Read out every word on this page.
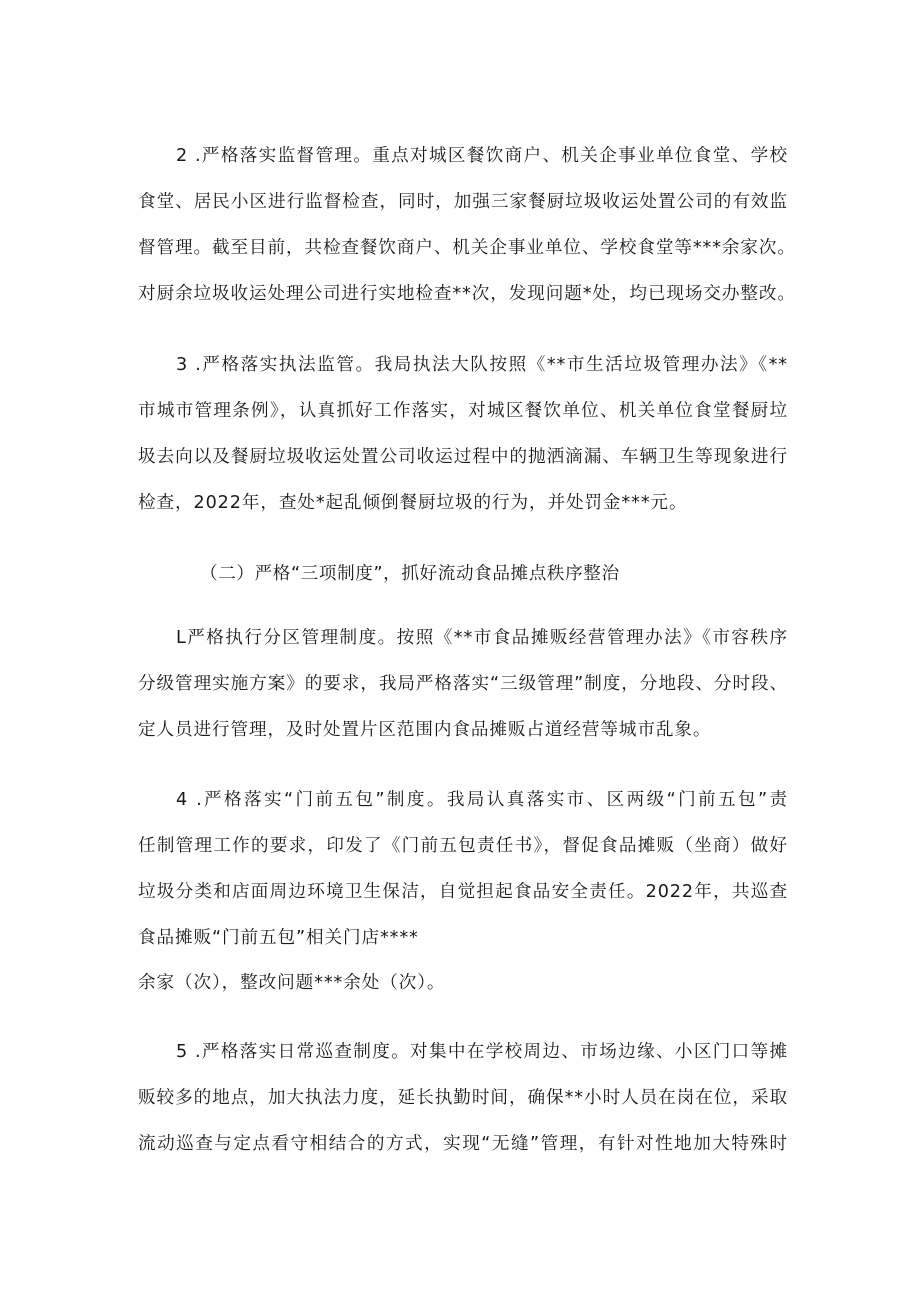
2 .严格落实监督管理。重点对城区餐饮商户、机关企事业单位食堂、学校
食堂、居民小区进行监督检查，同时，加强三家餐厨垃圾收运处置公司的有效监
督管理。截至目前，共检查餐饮商户、机关企事业单位、学校食堂等***余家次。
对厨余垃圾收运处理公司进行实地检查**次，发现问题*处，均已现场交办整改。
3 .严格落实执法监管。我局执法大队按照《**市生活垃圾管理办法》《**
市城市管理条例》，认真抓好工作落实，对城区餐饮单位、机关单位食堂餐厨垃
圾去向以及餐厨垃圾收运处置公司收运过程中的抛洒滴漏、车辆卫生等现象进行
检查，2022年，查处*起乱倾倒餐厨垃圾的行为，并处罚金***元。
（二）严格“三项制度”，抓好流动食品摊点秩序整治
L严格执行分区管理制度。按照《**市食品摊贩经营管理办法》《市容秩序
分级管理实施方案》的要求，我局严格落实“三级管理”制度，分地段、分时段、
定人员进行管理，及时处置片区范围内食品摊贩占道经营等城市乱象。
4 .严格落实“门前五包”制度。我局认真落实市、区两级“门前五包”责
任制管理工作的要求，印发了《门前五包责任书》，督促食品摊贩（坐商）做好
垃圾分类和店面周边环境卫生保洁，自觉担起食品安全责任。2022年，共巡查
食品摊贩“门前五包”相关门店****
余家（次），整改问题***余处（次）。
5 .严格落实日常巡查制度。对集中在学校周边、市场边缘、小区门口等摊
贩较多的地点，加大执法力度，延长执勤时间，确保**小时人员在岗在位，采取
流动巡查与定点看守相结合的方式，实现“无缝”管理，有针对性地加大特殊时
